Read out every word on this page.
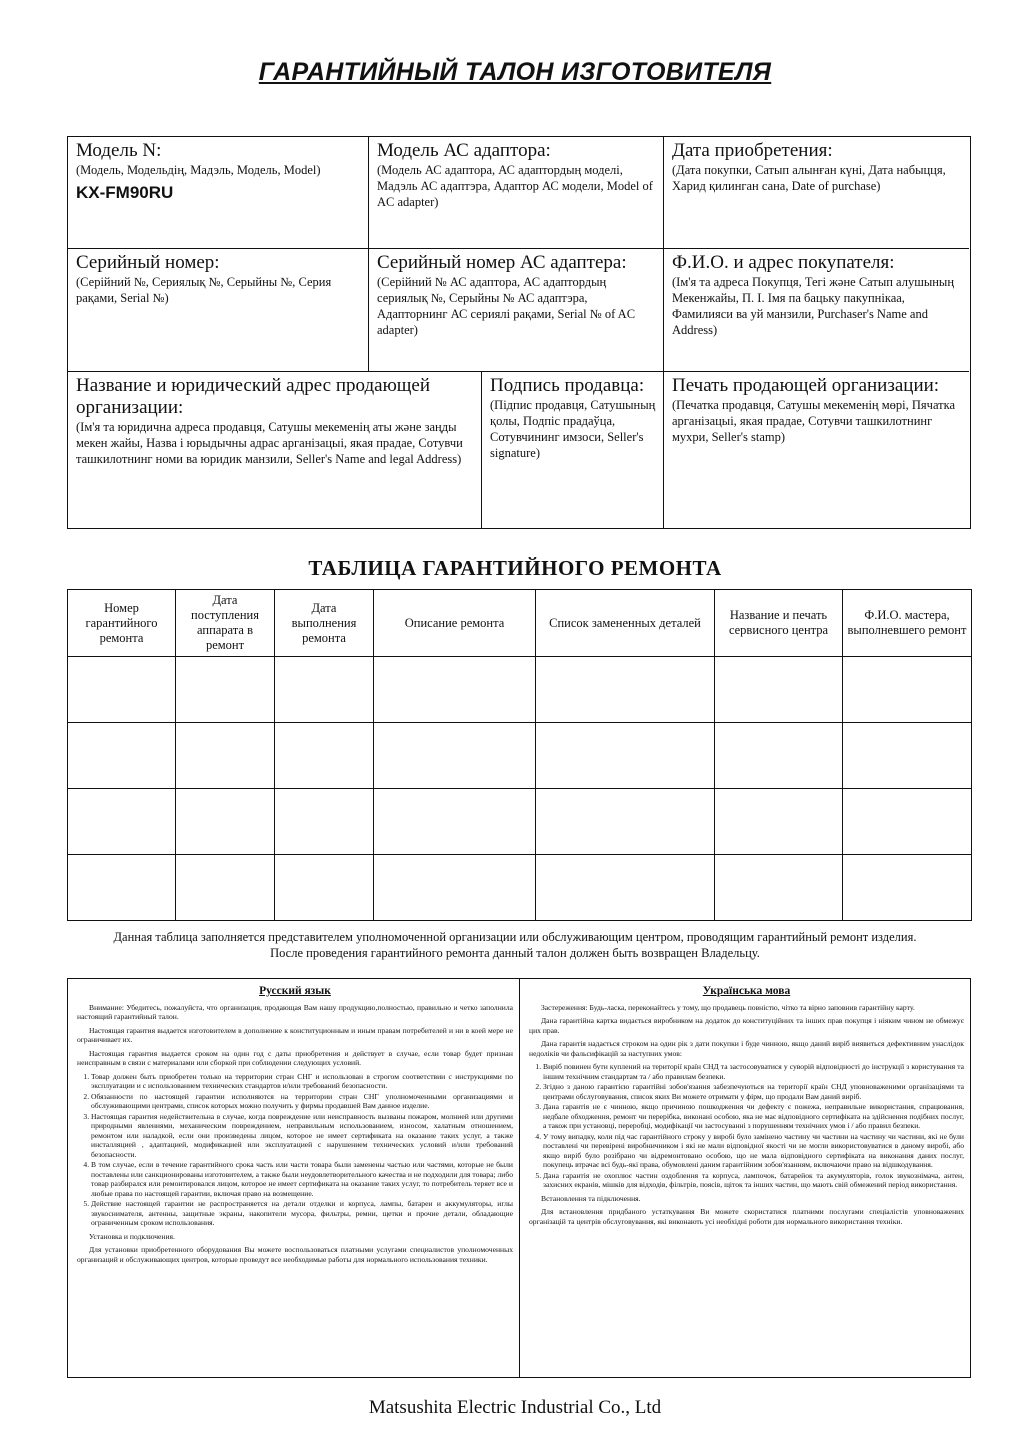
ГАРАНТИЙНЫЙ ТАЛОН ИЗГОТОВИТЕЛЯ
Модель N:
(Модель, Модельдің, Мадэль, Модель, Model)
KX-FM90RU
Модель АС адаптора:
(Модель АС адаптора, АС адаптордың моделі, Мадэль АС адаптэра, Адаптор АС модели, Model of AC adapter)
Дата приобретения:
(Дата покупки, Сатып алынған күні, Дата набыцця, Харид қилинган сана, Date of purchase)
Серийный номер:
(Серійний №, Сериялық №, Серыйны №, Серия рақами, Serial №)
Серийный номер АС адаптера:
(Серійний № АС адаптора, АС адаптордың сериялық №, Серыйны № АС адаптэра, Адапторнинг АС сериялі рақами, Serial № of AC adapter)
Ф.И.О. и адрес покупателя:
(Ім'я та адреса Покупця, Тегі және Сатып алушының Мекенжайы, П. І. Імя па бацьку пакупнікаа, Фамилияси ва уй манзили, Purchaser's Name and Address)
Название и юридический адрес продающей организации:
(Ім'я та юридична адреса продавця, Сатушы мекеменің аты және заңды мекен жайы, Назва і юрыдычны адрас арганізацыі, якая прадае, Сотувчи ташкилотнинг номи ва юридик манзили, Seller's Name and legal Address)
Подпись продавца:
(Підпис продавця, Сатушының қолы, Подпіс прадаўца, Сотувчининг имзоси, Seller's signature)
Печать продающей организации:
(Печатка продавця, Сатушы мекеменің мөрі, Пячатка арганізацыі, якая прадае, Сотувчи ташкилотнинг мухри, Seller's stamp)
ТАБЛИЦА ГАРАНТИЙНОГО РЕМОНТА
Номер гарантийного ремонта	Дата поступления аппарата в ремонт	Дата выполнения ремонта	Описание ремонта	Список замененных деталей	Название и печать сервисного центра	Ф.И.О. мастера, выполневшего ремонт

Данная таблица заполняется представителем уполномоченной организации или обслуживающим центром, проводящим гарантийный ремонт изделия.
После проведения гарантийного ремонта данный талон должен быть возвращен Владельцу.
Русский язык

Внимание: Убедитесь, пожалуйста, что организация, продающая Вам нашу продукцию,полностью, правильно и четко заполнила настоящий гарантийный талон.

Настоящая гарантия выдается изготовителем в дополнение к конституционным и иным правам потребителей и ни в коей мере не ограничивает их.

Настоящая гарантия выдается сроком на один год с даты приобретения и действует в случае, если товар будет признан неисправным в связи с материалами или сборкой при соблюдении следующих условий.

1. Товар должен быть приобретен только на территории стран СНГ и использован в строгом соответствии с инструкциями по эксплуатации и с использованием технических стандартов и/или требований безопасности.
2. Обязанности по настоящей гарантии исполняются на территории стран СНГ уполномоченными организациями и обслуживающими центрами, список которых можно получить у фирмы продавшей Вам данное изделие.
3. Настоящая гарантия недействительна в случае, когда повреждение или неисправность вызваны пожаром, молнией или другими природными явлениями, механическим повреждением, неправильным использованием, износом, халатным отношением, ремонтом или наладкой, если они произведены лицом, которое не имеет сертификата на оказание таких услуг, а также инсталляцией , адаптацией, модификацией или эксплуатацией с нарушением технических условий и/или требований безопасности.
4. В том случае, если в течение гарантийного срока часть или части товара были заменены частью или частями, которые не были поставлены или санкционированы изготовителем, а также были неудовлетворительного качества и не подходили для товара; либо товар разбирался или ремонтировался лицом, которое не имеет сертификата на оказание таких услуг, то потребитель теряет все и любые права по настоящей гарантии, включая право на возмещение.
5. Действие настоящей гарантии не распространяется на детали отделки и корпуса, лампы, батареи и аккумуляторы, иглы звукоснимателя, антенны, защитные экраны, накопители мусора, фильтры, ремни, щетки и прочие детали, обладающие ограниченным сроком использования.

Установка и подключения.

Для установки приобретенного оборудования Вы можете воспользоваться платными услугами специалистов уполномоченных организаций и обслуживающих центров, которые проведут все необходимые работы для нормального использования техники.

Українська мова

Застереження: Будь-ласка, переконайтесь у тому, що продавець повністю, чітко та вірно заповнив гарантійну карту.

Дана гарантійна картка видається виробником на додаток до конституційних та інших прав покупця і ніяким чином не обмежує цих прав.

Дана гарантія надається строком на один рік з дати покупки і буде чинною, якщо даний виріб виявиться дефективним унаслідок недоліків чи фальсифікацій за наступних умов:

1. Виріб повинен бути куплений на території країн СНД та застосовуватися у суворій відповідності до інструкції з користування та іншим технічним стандартам та / або правилам безпеки.
2. Згідно з даною гарантією гарантійні зобов'язання забезпечуються на території країн СНД уповноваженими організаціями та центрами обслуговування, список яких Ви можете отримати у фірм, що продали Вам даний виріб.
3. Дана гарантія не є чинною, якщо причиною пошкодження чи дефекту є пожежа, неправильне використання, спрацювання, недбале обходження, ремонт чи перерібка, виконані особою, яка не має відповідного сертифіката на здійснення подібних послуг, а також при установці, переробці, модифікації чи застосуванні з порушенням технічних умов і / або правил безпеки.
4. У тому випадку, коли під час гарантійного строку у виробі було замінено частину чи частини на частину чи частини, які не були поставлені чи перевірені виробничником і які не мали відповідної якості чи не могли використовуватися в даному виробі, або якщо виріб було розібрано чи відремонтовано особою, що не мала відповідного сертифіката на виконання даних послуг, покупець втрачає всі будь-які права, обумовлені даним гарантійним зобов'язанням, включаючи право на відшкодування.
5. Дана гарантія не охоплює частин оздоблення та корпуса, лампочок, батарейок та акумуляторів, голок звукознімача, антен, захисних екранів, мішків для відходів, фільтрів, поясів, щіток та інших частин, що мають свій обмежений період використання.

Встановлення та підключення.

Для встановлення придбаного устаткування Ви можете скористатися платними послугами спеціалістів уповноважених організацій та центрів обслуговування, які виконають усі необхідні роботи для нормального використання техніки.

Matsushita Electric Industrial Co., Ltd
